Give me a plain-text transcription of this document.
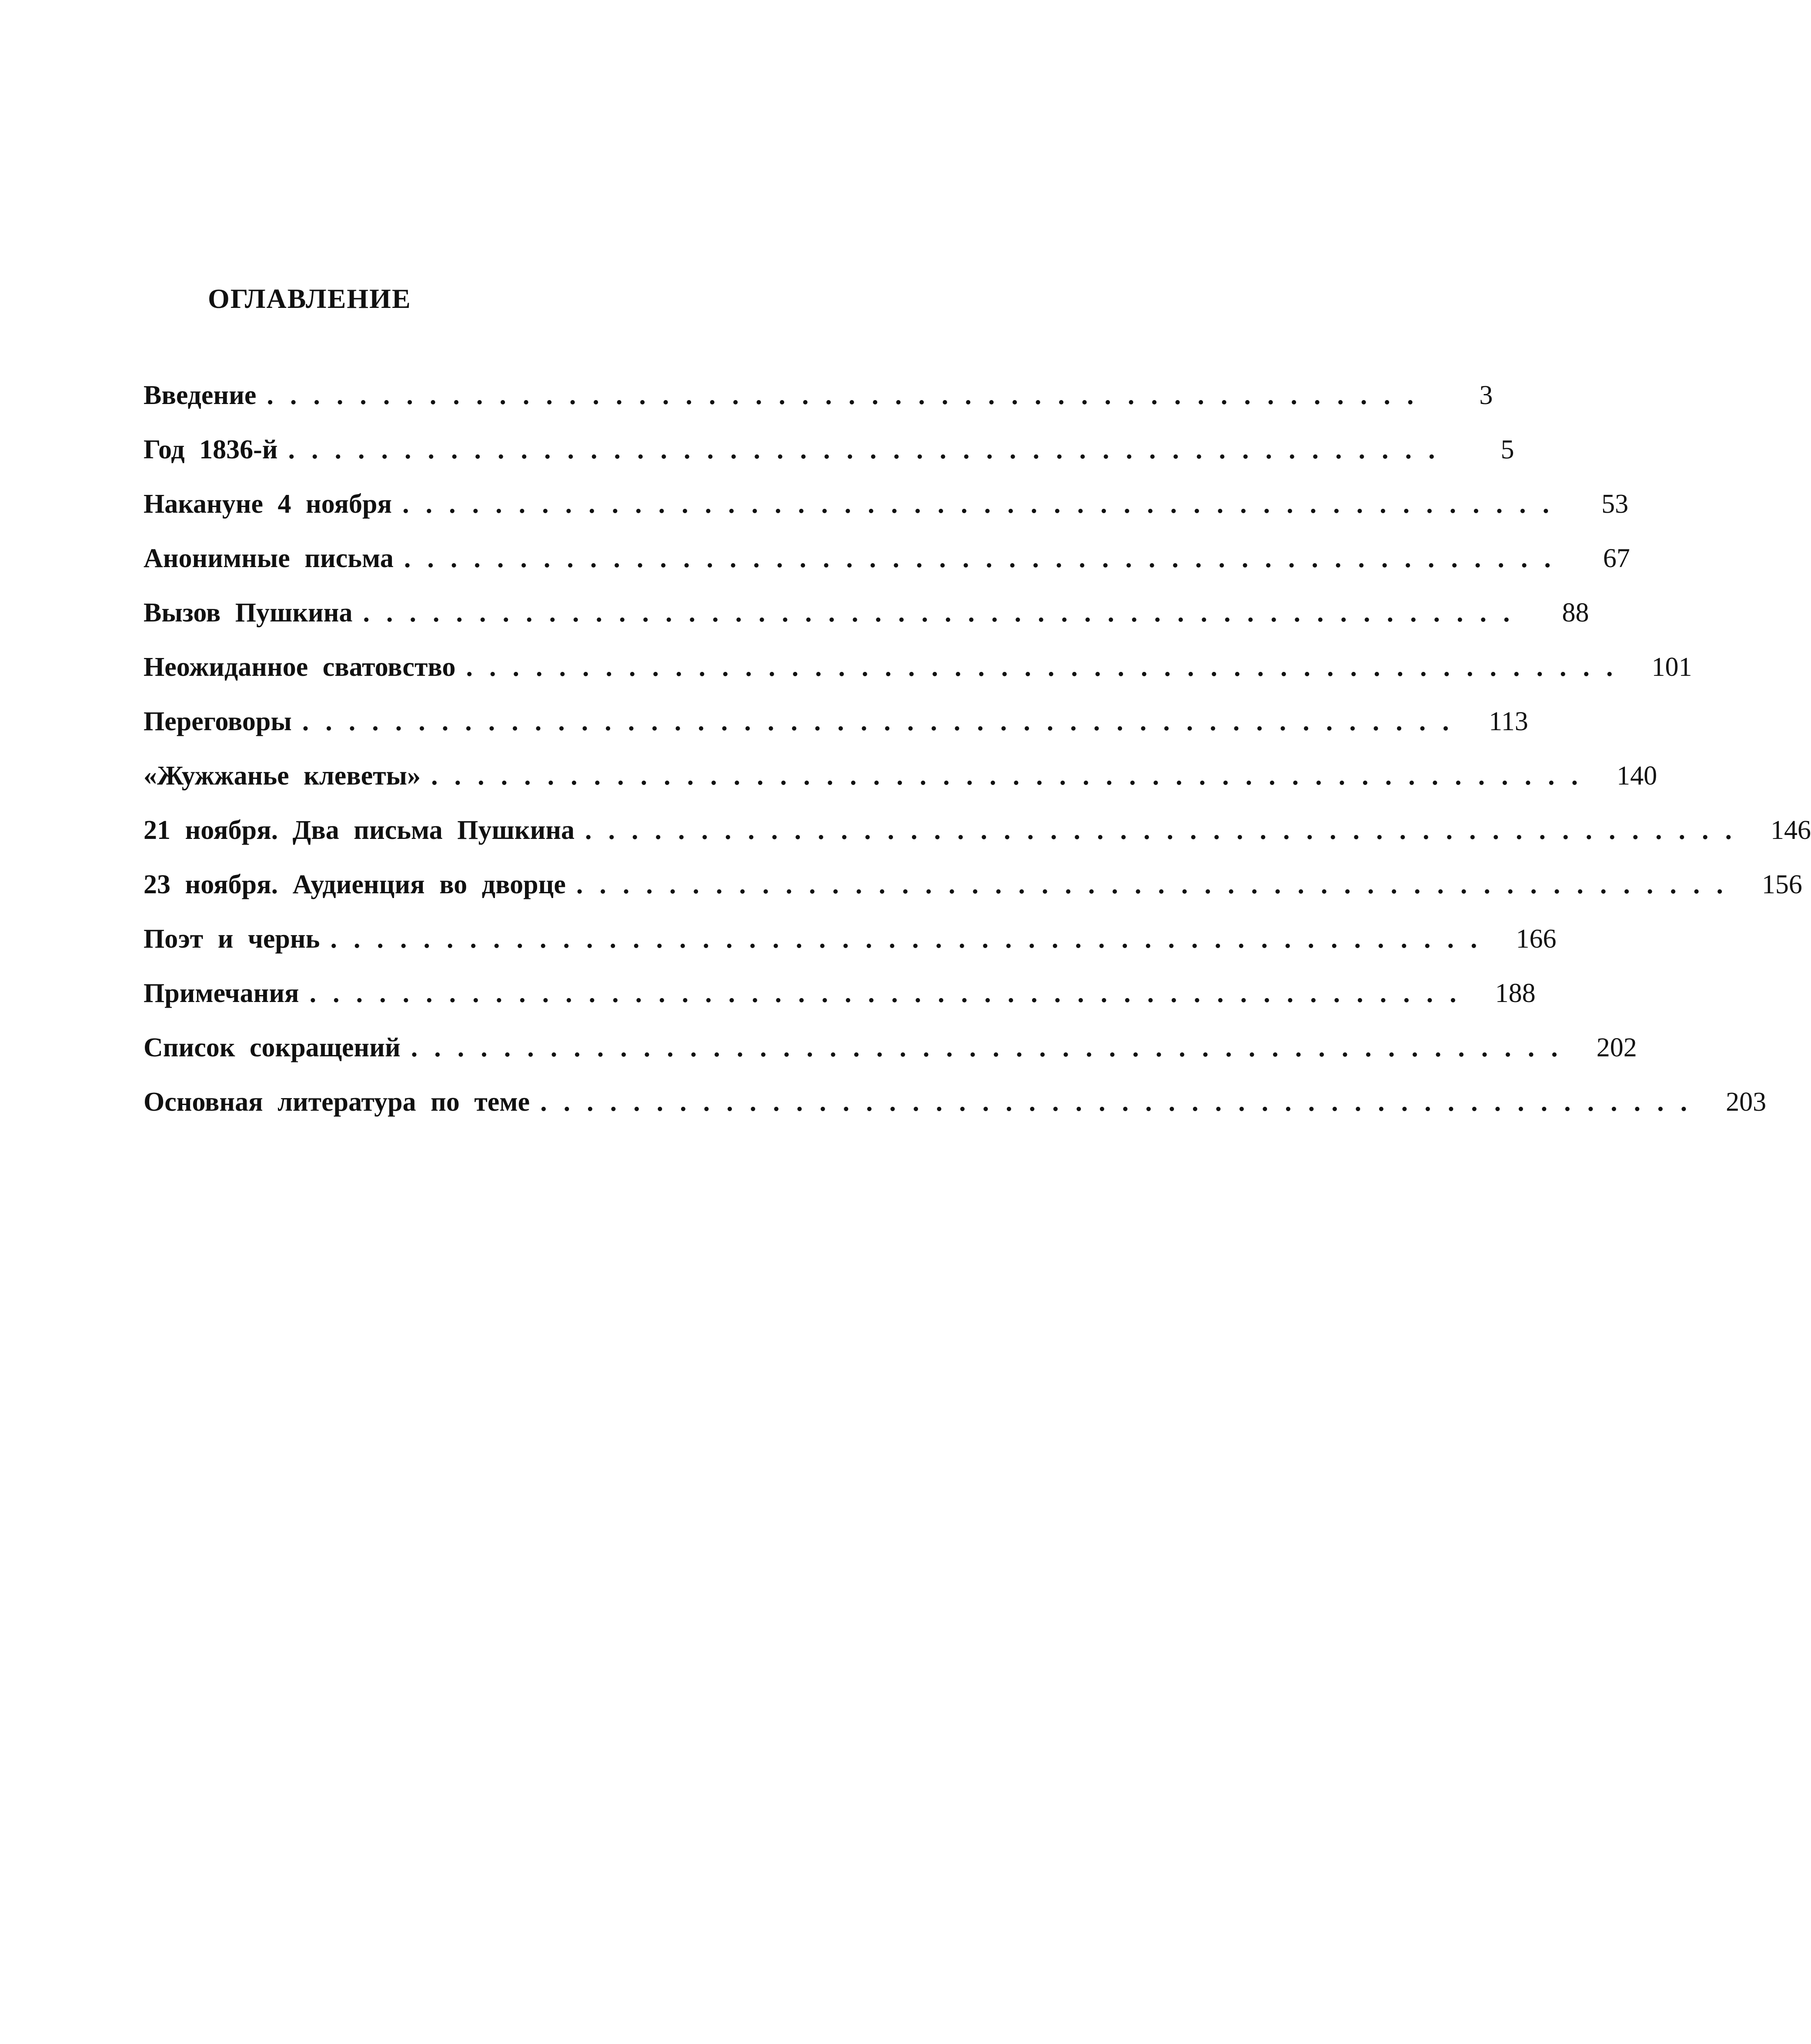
ОГЛАВЛЕНИЕ
Введение ..................................................	3
Год 1836-й ..................................................	5
Накануне 4 ноября ..................................................	53
Анонимные письма ..................................................	67
Вызов Пушкина ..................................................	88
Неожиданное сватовство .................................................. 101
Переговоры .................................................. 113
«Жужжанье клеветы» .................................................. 140
21 ноября. Два письма Пушкина .................................................. 146
23 ноября. Аудиенция во дворце .................................................. 156
Поэт и чернь .................................................. 166
Примечания .................................................. 188
Список сокращений .................................................. 202
Основная литература по теме .................................................. 203
